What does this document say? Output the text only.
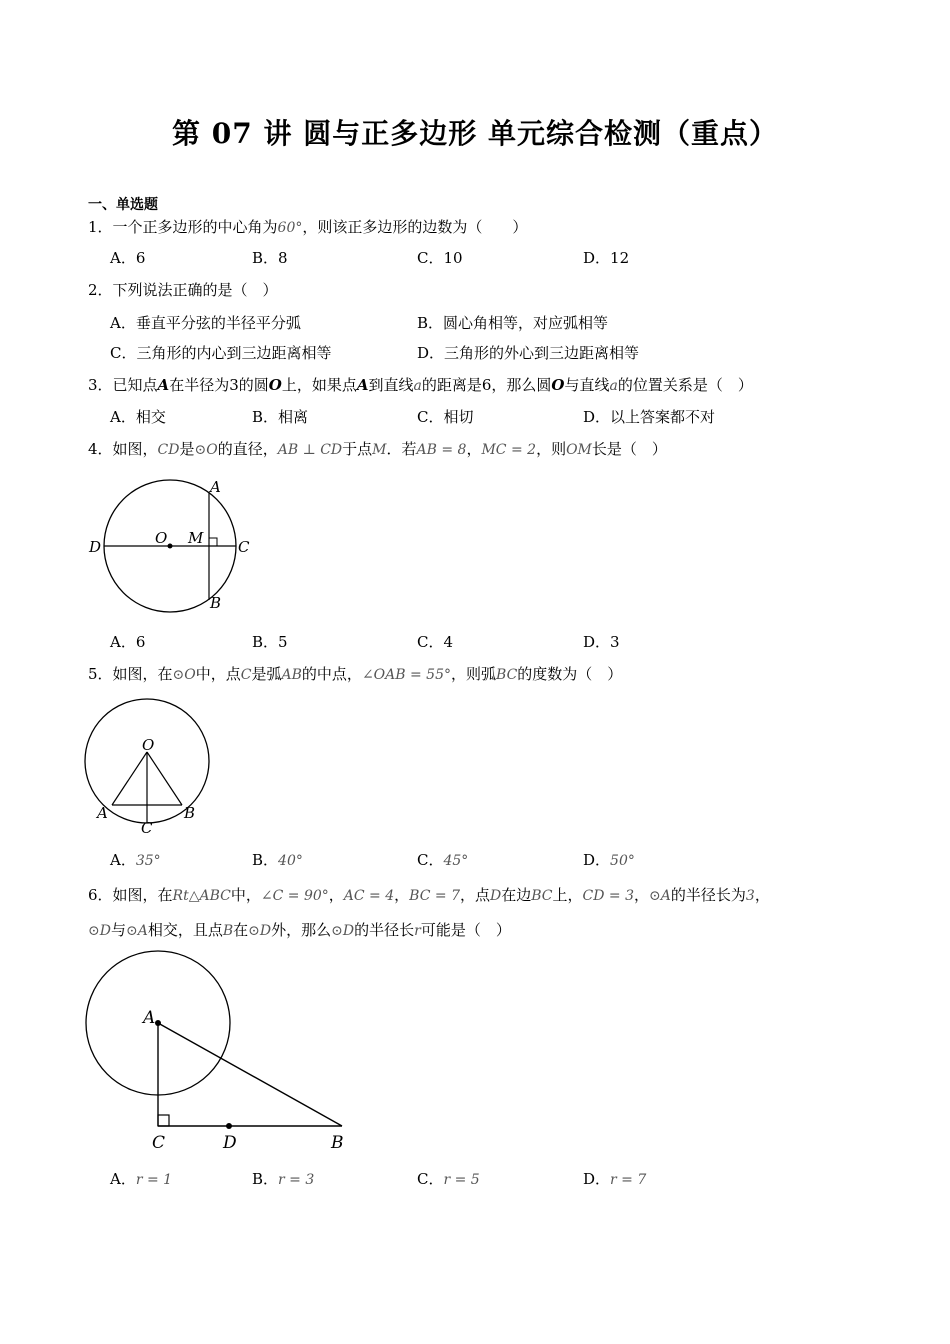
第 07 讲 圆与正多边形 单元综合检测（重点）
一、单选题
1．一个正多边形的中心角为60°，则该正多边形的边数为（　　）
A．6	B．8	C．10	D．12
2．下列说法正确的是（　）
A．垂直平分弦的半径平分弧	B．圆心角相等，对应弧相等
C．三角形的内心到三边距离相等	D．三角形的外心到三边距离相等
3．已知点A在半径为3的圆O上，如果点A到直线a的距离是6，那么圆O与直线a的位置关系是（　）
A．相交	B．相离	C．相切	D．以上答案都不对
4．如图，CD是⊙O的直径，AB ⊥ CD于点M．若AB = 8，MC = 2，则OM长是（　）
A
D	O M C
B
A．6	B．5	C．4	D．3
5．如图，在⊙O中，点C是弧AB的中点，∠OAB = 55°，则弧BC的度数为（　）
O
A	B
C
A．35°	B．40°	C．45°	D．50°
6．如图，在Rt△ABC中，∠C = 90°，AC = 4，BC = 7，点D在边BC上，CD = 3，⊙A的半径长为3，
⊙D与⊙A相交，且点B在⊙D外，那么⊙D的半径长r可能是（　）
A
C	D	B
A．r = 1	B．r = 3	C．r = 5	D．r = 7
